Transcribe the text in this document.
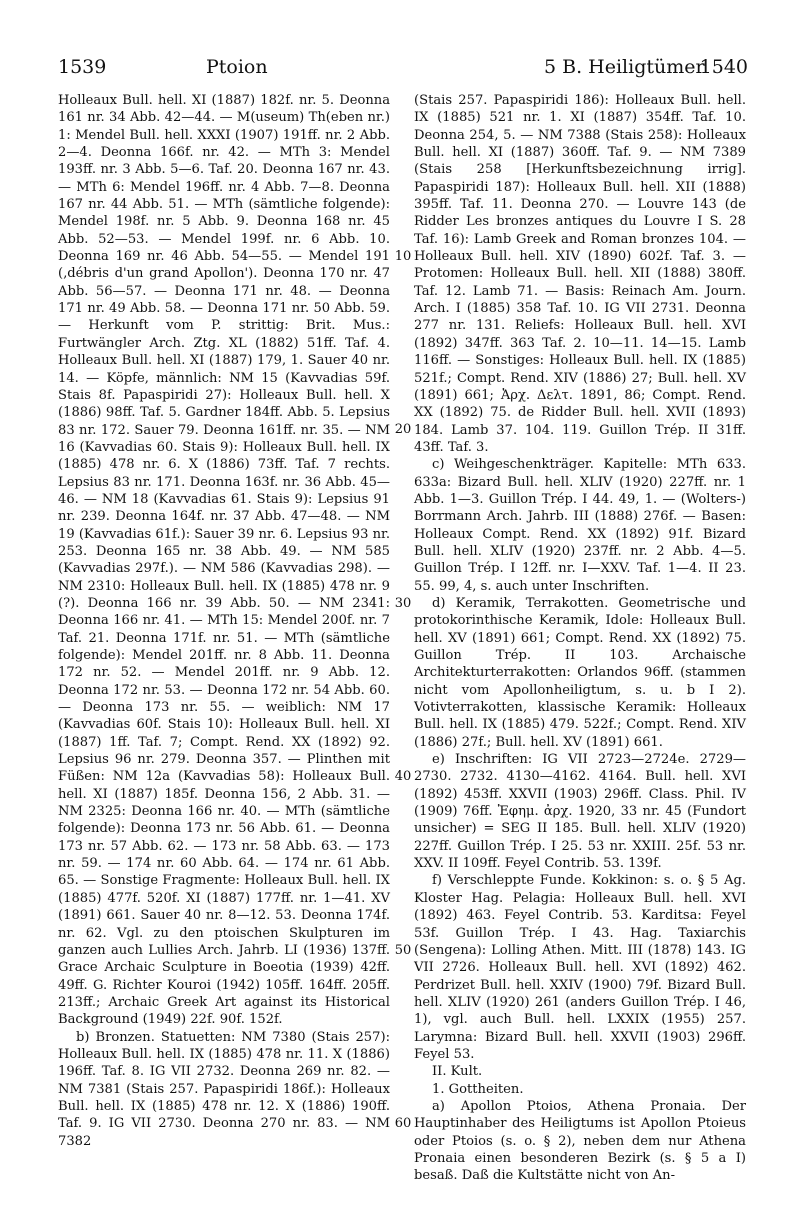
1539	Ptoion	5 B. Heiligtümer
1540

Holleaux Bull. hell. XI (1887) 182f. nr. 5. Deonna 161 nr. 34 Abb. 42—44. — M(useum) Th(eben nr.) 1: Mendel Bull. hell. XXXI (1907) 191ff. nr. 2 Abb. 2—4. Deonna 166f. nr. 42. — MTh 3: Mendel 193ff. nr. 3 Abb. 5—6. Taf. 20. Deonna 167 nr. 43. — MTh 6: Mendel 196ff. nr. 4 Abb. 7—8. Deonna 167 nr. 44 Abb. 51. — MTh (sämtliche folgende): Mendel 198f. nr. 5 Abb. 9. Deonna 168 nr. 45 Abb. 52—53. — Mendel 199f. nr. 6 Abb. 10. Deonna 169 nr. 46 Abb. 54—55. — Mendel 191 (‚débris d'un grand Apollon'). Deonna 170 nr. 47 Abb. 56—57. — Deonna 171 nr. 48. — Deonna 171 nr. 49 Abb. 58. — Deonna 171 nr. 50 Abb. 59. — Herkunft vom P. strittig: Brit. Mus.: Furtwängler Arch. Ztg. XL (1882) 51ff. Taf. 4. Holleaux Bull. hell. XI (1887) 179, 1. Sauer 40 nr. 14. — Köpfe, männlich: NM 15 (Kavvadias 59f. Stais 8f. Papaspiridi 27): Holleaux Bull. hell. X (1886) 98ff. Taf. 5. Gardner 184ff. Abb. 5. Lepsius 83 nr. 172. Sauer 79. Deonna 161ff. nr. 35. — NM 16 (Kavvadias 60. Stais 9): Holleaux Bull. hell. IX (1885) 478 nr. 6. X (1886) 73ff. Taf. 7 rechts. Lepsius 83 nr. 171. Deonna 163f. nr. 36 Abb. 45—46. — NM 18 (Kavvadias 61. Stais 9): Lepsius 91 nr. 239. Deonna 164f. nr. 37 Abb. 47—48. — NM 19 (Kavvadias 61f.): Sauer 39 nr. 6. Lepsius 93 nr. 253. Deonna 165 nr. 38 Abb. 49. — NM 585 (Kavvadias 297f.). — NM 586 (Kavvadias 298). — NM 2310: Holleaux Bull. hell. IX (1885) 478 nr. 9 (?). Deonna 166 nr. 39 Abb. 50. — NM 2341: Deonna 166 nr. 41. — MTh 15: Mendel 200f. nr. 7 Taf. 21. Deonna 171f. nr. 51. — MTh (sämtliche folgende): Mendel 201ff. nr. 8 Abb. 11. Deonna 172 nr. 52. — Mendel 201ff. nr. 9 Abb. 12. Deonna 172 nr. 53. — Deonna 172 nr. 54 Abb. 60. — Deonna 173 nr. 55. — weiblich: NM 17 (Kavvadias 60f. Stais 10): Holleaux Bull. hell. XI (1887) 1ff. Taf. 7; Compt. Rend. XX (1892) 92. Lepsius 96 nr. 279. Deonna 357. — Plinthen mit Füßen: NM 12a (Kavvadias 58): Holleaux Bull. hell. XI (1887) 185f. Deonna 156, 2 Abb. 31. — NM 2325: Deonna 166 nr. 40. — MTh (sämtliche folgende): Deonna 173 nr. 56 Abb. 61. — Deonna 173 nr. 57 Abb. 62. — 173 nr. 58 Abb. 63. — 173 nr. 59. — 174 nr. 60 Abb. 64. — 174 nr. 61 Abb. 65. — Sonstige Fragmente: Holleaux Bull. hell. IX (1885) 477f. 520f. XI (1887) 177ff. nr. 1—41. XV (1891) 661. Sauer 40 nr. 8—12. 53. Deonna 174f. nr. 62. Vgl. zu den ptoischen Skulpturen im ganzen auch Lullies Arch. Jahrb. LI (1936) 137ff. Grace Archaic Sculpture in Boeotia (1939) 42ff. 49ff. G. Richter Kouroi (1942) 105ff. 164ff. 205ff. 213ff.; Archaic Greek Art against its Historical Background (1949) 22f. 90f. 152f.

b) Bronzen. Statuetten: NM 7380 (Stais 257): Holleaux Bull. hell. IX (1885) 478 nr. 11. X (1886) 196ff. Taf. 8. IG VII 2732. Deonna 269 nr. 82. — NM 7381 (Stais 257. Papaspiridi 186f.): Holleaux Bull. hell. IX (1885) 478 nr. 12. X (1886) 190ff. Taf. 9. IG VII 2730. Deonna 270 nr. 83. — NM 7382

10
20
30
40
50
60

(Stais 257. Papaspiridi 186): Holleaux Bull. hell. IX (1885) 521 nr. 1. XI (1887) 354ff. Taf. 10. Deonna 254, 5. — NM 7388 (Stais 258): Holleaux Bull. hell. XI (1887) 360ff. Taf. 9. — NM 7389 (Stais 258 [Herkunftsbezeichnung irrig]. Papaspiridi 187): Holleaux Bull. hell. XII (1888) 395ff. Taf. 11. Deonna 270. — Louvre 143 (de Ridder Les bronzes antiques du Louvre I S. 28 Taf. 16): Lamb Greek and Roman bronzes 104. — Holleaux Bull. hell. XIV (1890) 602f. Taf. 3. — Protomen: Holleaux Bull. hell. XII (1888) 380ff. Taf. 12. Lamb 71. — Basis: Reinach Am. Journ. Arch. I (1885) 358 Taf. 10. IG VII 2731. Deonna 277 nr. 131. Reliefs: Holleaux Bull. hell. XVI (1892) 347ff. 363 Taf. 2. 10—11. 14—15. Lamb 116ff. — Sonstiges: Holleaux Bull. hell. IX (1885) 521f.; Compt. Rend. XIV (1886) 27; Bull. hell. XV (1891) 661; Ἀρχ. Δελτ. 1891, 86; Compt. Rend. XX (1892) 75. de Ridder Bull. hell. XVII (1893) 184. Lamb 37. 104. 119. Guillon Trép. II 31ff. 43ff. Taf. 3.

c) Weihgeschenkträger. Kapitelle: MTh 633. 633a: Bizard Bull. hell. XLIV (1920) 227ff. nr. 1 Abb. 1—3. Guillon Trép. I 44. 49, 1. — (Wolters-) Borrmann Arch. Jahrb. III (1888) 276f. — Basen: Holleaux Compt. Rend. XX (1892) 91f. Bizard Bull. hell. XLIV (1920) 237ff. nr. 2 Abb. 4—5. Guillon Trép. I 12ff. nr. I—XXV. Taf. 1—4. II 23. 55. 99, 4, s. auch unter Inschriften.

d) Keramik, Terrakotten. Geometrische und protokorinthische Keramik, Idole: Holleaux Bull. hell. XV (1891) 661; Compt. Rend. XX (1892) 75. Guillon Trép. II 103. Archaische Architekturterrakotten: Orlandos 96ff. (stammen nicht vom Apollonheiligtum, s. u. b I 2). Votivterrakotten, klassische Keramik: Holleaux Bull. hell. IX (1885) 479. 522f.; Compt. Rend. XIV (1886) 27f.; Bull. hell. XV (1891) 661.

e) Inschriften: IG VII 2723—2724e. 2729—2730. 2732. 4130—4162. 4164. Bull. hell. XVI (1892) 453ff. XXVII (1903) 296ff. Class. Phil. IV (1909) 76ff. Ἐφημ. ἀρχ. 1920, 33 nr. 45 (Fundort unsicher) = SEG II 185. Bull. hell. XLIV (1920) 227ff. Guillon Trép. I 25. 53 nr. XXIII. 25f. 53 nr. XXV. II 109ff. Feyel Contrib. 53. 139f.

f) Verschleppte Funde. Kokkinon: s. o. § 5 Ag. Kloster Hag. Pelagia: Holleaux Bull. hell. XVI (1892) 463. Feyel Contrib. 53. Karditsa: Feyel 53f. Guillon Trép. I 43. Hag. Taxiarchis (Sengena): Lolling Athen. Mitt. III (1878) 143. IG VII 2726. Holleaux Bull. hell. XVI (1892) 462. Perdrizet Bull. hell. XXIV (1900) 79f. Bizard Bull. hell. XLIV (1920) 261 (anders Guillon Trép. I 46, 1), vgl. auch Bull. hell. LXXIX (1955) 257. Larymna: Bizard Bull. hell. XXVII (1903) 296ff. Feyel 53.

II. Kult.

1. Gottheiten.

a) Apollon Ptoios, Athena Pronaia. Der Hauptinhaber des Heiligtums ist Apollon Ptoieus oder Ptoios (s. o. § 2), neben dem nur Athena Pronaia einen besonderen Bezirk (s. § 5 a I) besaß. Daß die Kultstätte nicht von An-
